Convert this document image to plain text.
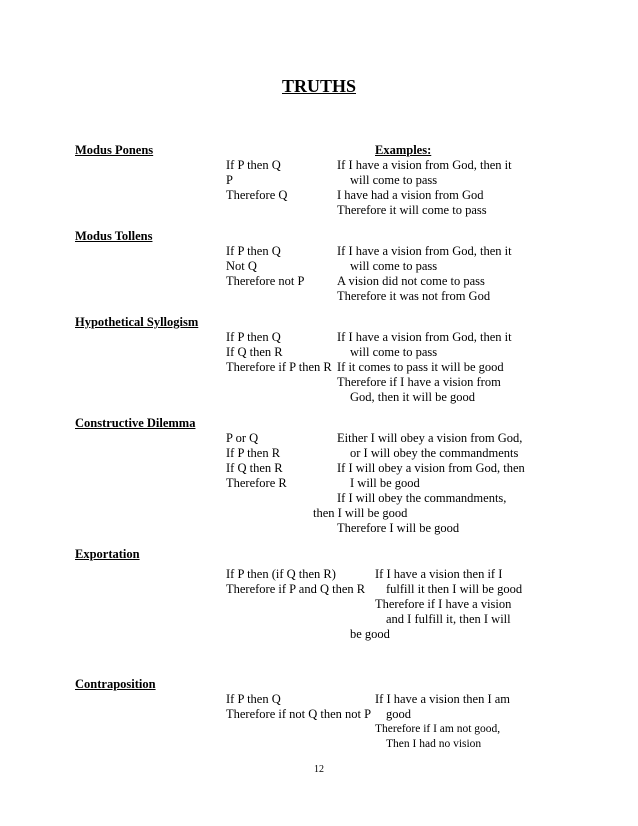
TRUTHS
Examples:
Modus Ponens
If P then Q
P
Therefore Q
If I have a vision from God, then it
will come to pass
I have had a vision from God
Therefore it will come to pass
Modus Tollens
If P then Q
Not Q
Therefore not P
If I have a vision from God, then it
will come to pass
A vision did not come to pass
Therefore it was not from God
Hypothetical Syllogism
If P then Q
If Q then R
Therefore if P then R
If I have a vision from God, then it
will come to pass
If it comes to pass it will be good
Therefore if I have a vision from
God, then it will be good
Constructive Dilemma
P or Q
If P then R
If Q then R
Therefore R
Either I will obey a vision from God,
or I will obey the commandments
If I will obey a vision from God, then
I will be good
If I will obey the commandments,
then I will be good
Therefore I will be good
Exportation
If P then (if Q then R)
Therefore if P and Q then R
If I have a vision then if I
fulfill it then I will be good
Therefore if I have a vision
and I fulfill it, then I will
be good
Contraposition
If P then Q
Therefore if not Q then not P
If I have a vision then I am
good
Therefore if I am not good,
Then I had no vision
12
